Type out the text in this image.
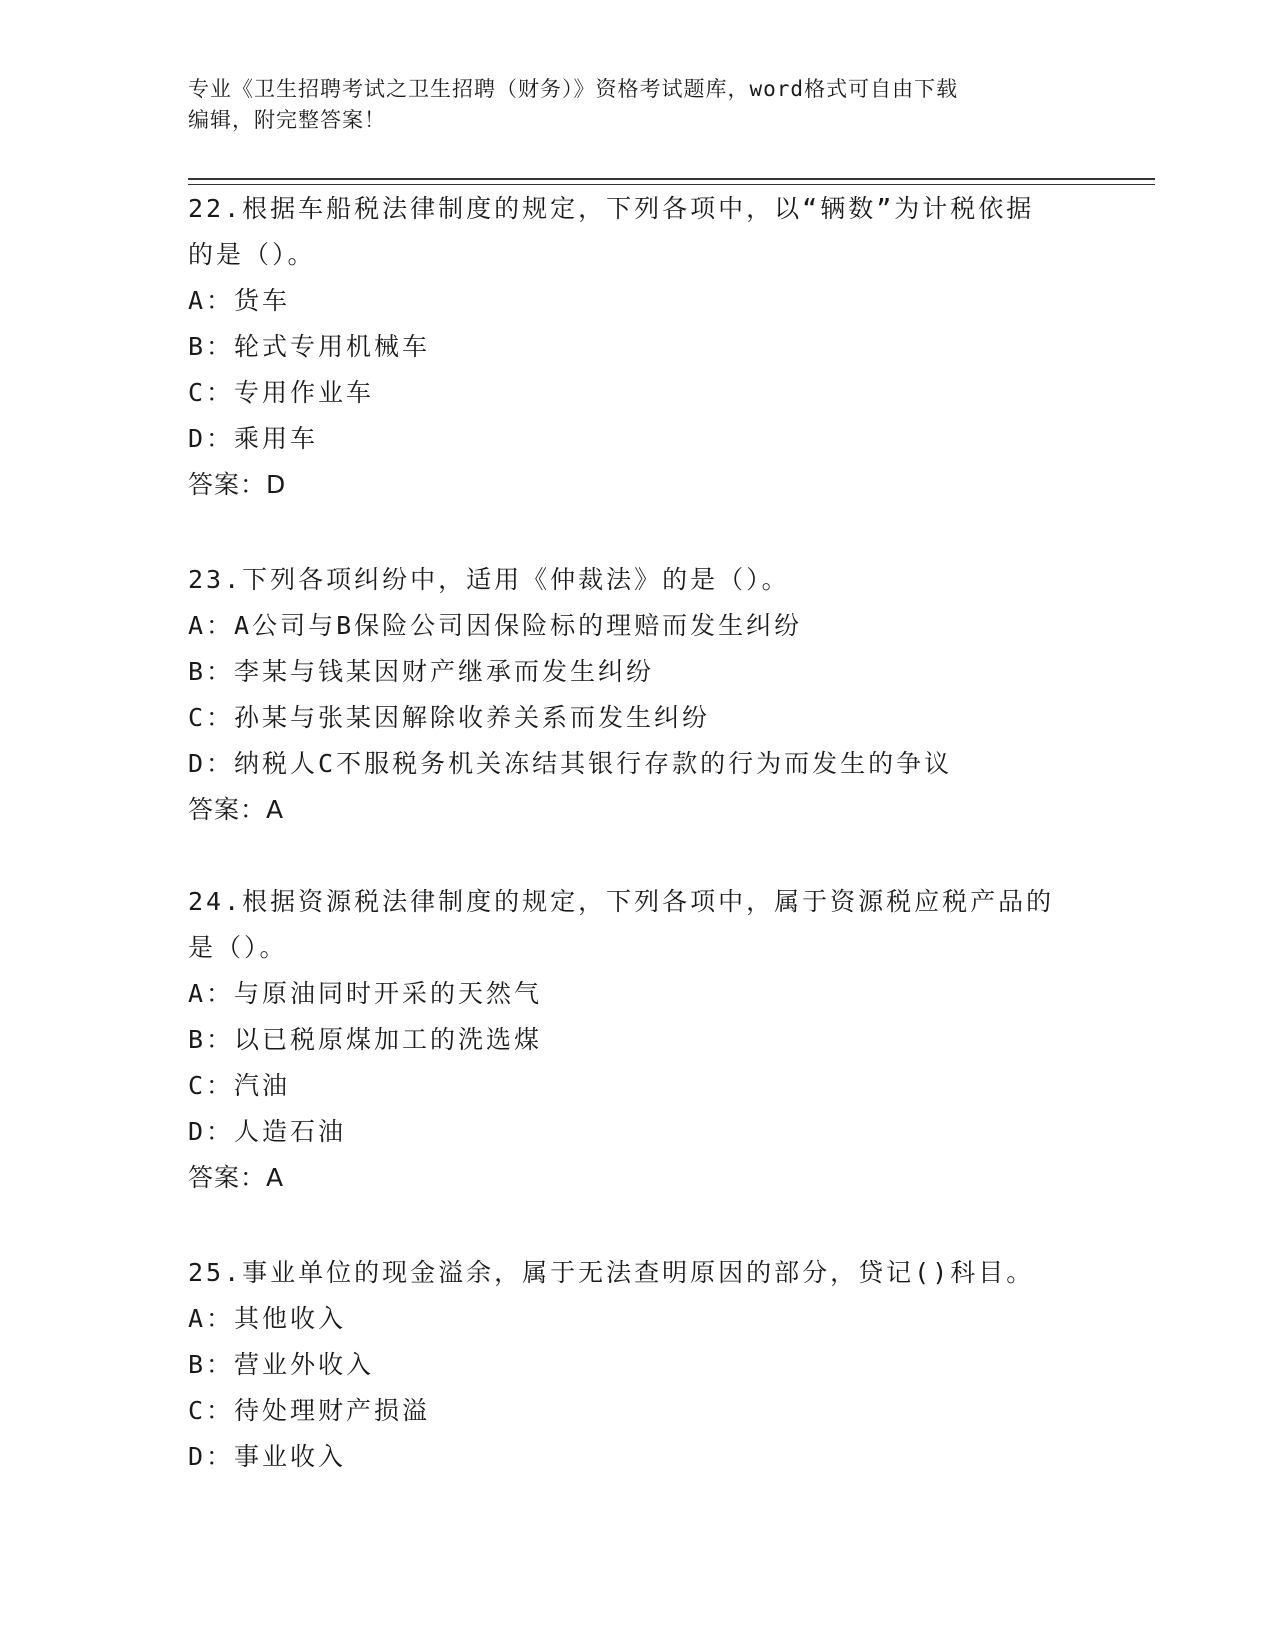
专业《卫生招聘考试之卫生招聘（财务）》资格考试题库，word格式可自由下载
编辑，附完整答案！
22.根据车船税法律制度的规定，下列各项中，以“辆数”为计税依据
的是（）。
A：货车
B：轮式专用机械车
C：专用作业车
D：乘用车
答案：D
23.下列各项纠纷中，适用《仲裁法》的是（）。
A：A公司与B保险公司因保险标的理赔而发生纠纷
B：李某与钱某因财产继承而发生纠纷
C：孙某与张某因解除收养关系而发生纠纷
D：纳税人C不服税务机关冻结其银行存款的行为而发生的争议
答案：A
24.根据资源税法律制度的规定，下列各项中，属于资源税应税产品的
是（）。
A：与原油同时开采的天然气
B：以已税原煤加工的洗选煤
C：汽油
D：人造石油
答案：A
25.事业单位的现金溢余，属于无法查明原因的部分，贷记()科目。
A：其他收入
B：营业外收入
C：待处理财产损溢
D：事业收入
